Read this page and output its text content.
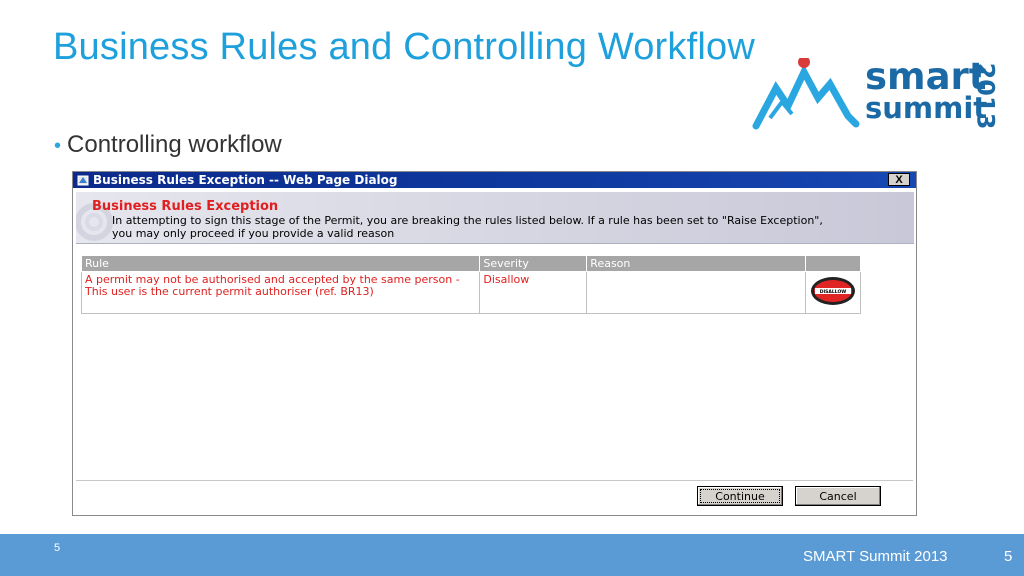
Business Rules and Controlling Workflow
smart
summit
2013
• Controlling workflow
Business Rules Exception -- Web Page Dialog	X
Business Rules Exception
In attempting to sign this stage of the Permit, you are breaking the rules listed below. If a rule has been set to "Raise Exception", you may only proceed if you provide a valid reason
Rule	Severity	Reason	
A permit may not be authorised and accepted by the same person - This user is the current permit authoriser (ref. BR13)	Disallow		DISALLOW
Continue	Cancel
5	SMART Summit 2013	5
